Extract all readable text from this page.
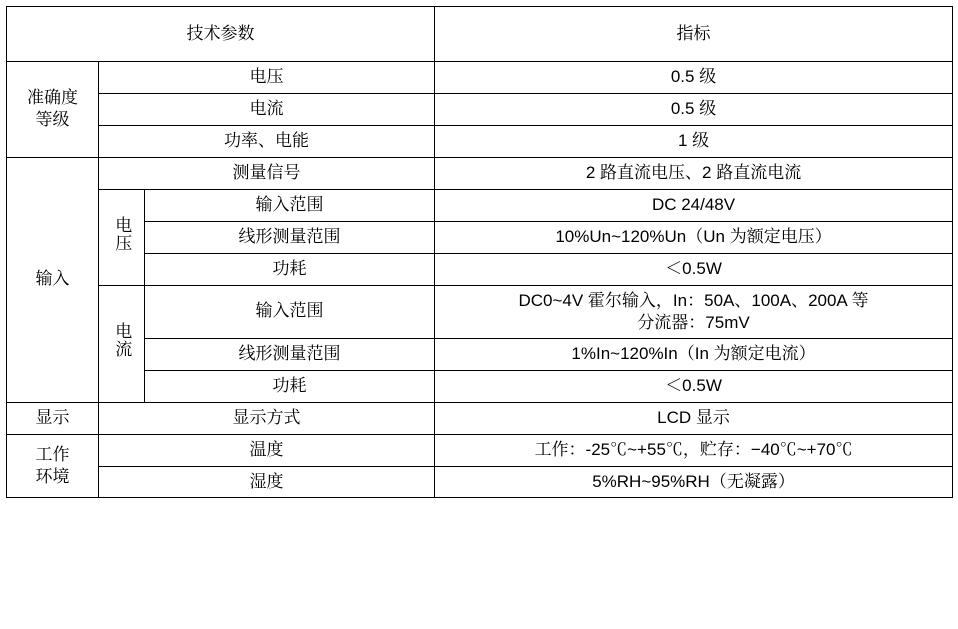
技术参数			指标

准确度
等级	电压		0.5 级
	电流		0.5 级
	功率、电能		1 级
输入	测量信号		2 路直流电压、2 路直流电流
	电压	输入范围	DC 24/48V
		线形测量范围	10%Un~120%Un（Un 为额定电压）
		功耗	＜0.5W
	电流	输入范围	DC0~4V 霍尔输入，In：50A、100A、200A 等
分流器：75mV

		线形测量范围	1%In~120%In（In 为额定电流）
		功耗	＜0.5W
显示	显示方式		LCD 显示

工作
环境	温度		工作：-25℃~+55℃，贮存：−40℃~+70℃
	湿度		5%RH~95%RH（无凝露）
